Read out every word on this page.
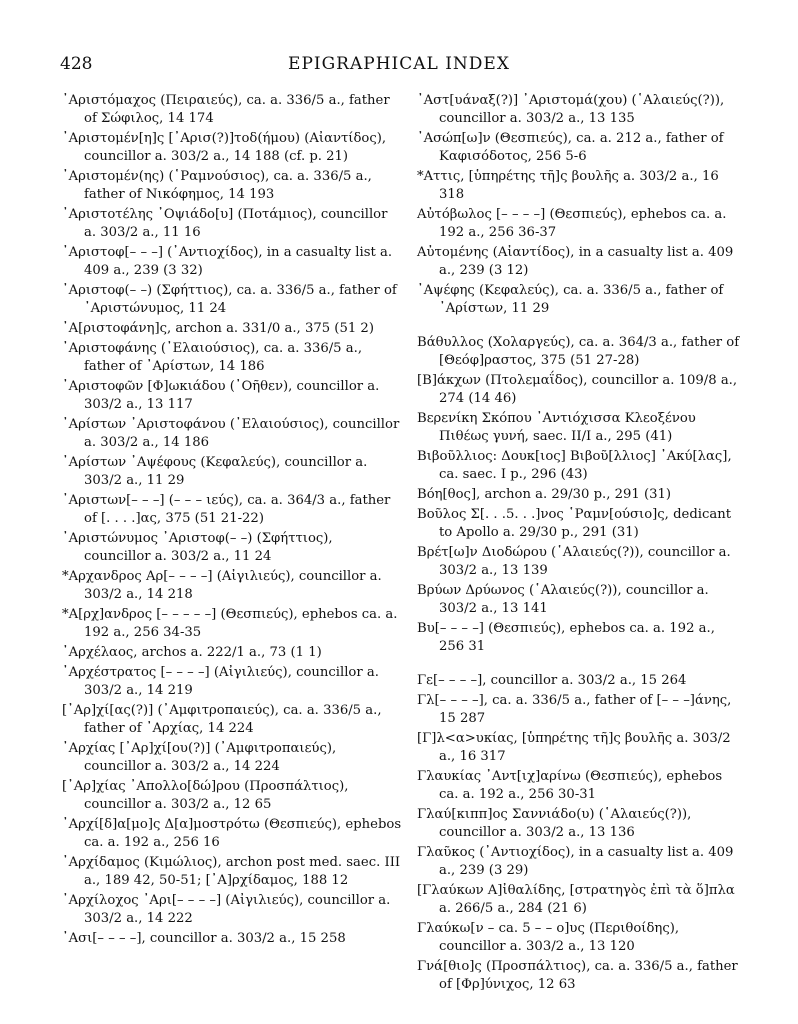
428	EPIGRAPHICAL INDEX
᾽Αριστόμαχος (Πειραιεύς), ca. a. 336/5 a., father of Σώφιλος, 14 174
᾽Αριστομέν[η]ς [᾽Αρισ(?)]τοδ(ήμου) (Αἰαντίδος), councillor a. 303/2 a., 14 188 (cf. p. 21)
᾽Αριστομέν(ης) (῾Ραμνούσιος), ca. a. 336/5 a., father of Νικόφημος, 14 193
᾽Αριστοτέλης ᾽Οψιάδο[υ] (Ποτάμιος), councillor a. 303/2 a., 11 16
᾽Αριστοφ[– – –] (᾽Αντιοχίδος), in a casualty list a. 409 a., 239 (3 32)
᾽Αριστοφ(– –) (Σφήττιος), ca. a. 336/5 a., father of ᾽Αριστώνυμος, 11 24
᾽Α[ριστοφάνη]ς, archon a. 331/0 a., 375 (51 2)
᾽Αριστοφάνης (᾽Ελαιούσιος), ca. a. 336/5 a., father of ᾽Αρίστων, 14 186
᾽Αριστοφῶν [Φ]ωκιάδου (᾽Οῆθεν), councillor a. 303/2 a., 13 117
᾽Αρίστων ᾽Αριστοφάνου (᾽Ελαιούσιος), councillor a. 303/2 a., 14 186
᾽Αρίστων ᾽Αψέφους (Κεφαλεύς), councillor a. 303/2 a., 11 29
᾽Αριστων[– – –] (– – – ιεύς), ca. a. 364/3 a., father of [. . . .]ας, 375 (51 21-22)
᾽Αριστώνυμος ᾽Αριστοφ(– –) (Σφήττιος), councillor a. 303/2 a., 11 24
*Αρχανδρος Αρ[– – – –] (Αἰγιλιεύς), councillor a. 303/2 a., 14 218
*Α[ρχ]ανδρος [– – – – –] (Θεσπιεύς), ephebos ca. a. 192 a., 256 34-35
᾽Αρχέλαος, archos a. 222/1 a., 73 (1 1)
᾽Αρχέστρατος [– – – –] (Αἰγιλιεύς), councillor a. 303/2 a., 14 219
[᾽Αρ]χί[ας(?)] (᾽Αμφιτροπαιεύς), ca. a. 336/5 a., father of ᾽Αρχίας, 14 224
᾽Αρχίας [᾽Αρ]χί[ου(?)] (᾽Αμφιτροπαιεύς), councillor a. 303/2 a., 14 224
[᾽Αρ]χίας ᾽Απολλο[δώ]ρου (Προσπάλτιος), councillor a. 303/2 a., 12 65
᾽Αρχί[δ]α[μο]ς Δ[α]μοστρότω (Θεσπιεύς), ephebos ca. a. 192 a., 256 16
᾽Αρχίδαμος (Κιμώλιος), archon post med. saec. III a., 189 42, 50-51; [᾽Α]ρχίδαμος, 188 12
᾽Αρχίλοχος ᾽Αρι[– – – –] (Αἰγιλιεύς), councillor a. 303/2 a., 14 222
᾽Ασι[– – – –], councillor a. 303/2 a., 15 258
᾽Αστ[υάναξ(?)] ᾽Αριστομά(χου) (῾Αλαιεύς(?)), councillor a. 303/2 a., 13 135
᾽Ασώπ[ω]ν (Θεσπιεύς), ca. a. 212 a., father of Καφισόδοτος, 256 5-6
*Αττις, [ὑπηρέτης τῆ]ς βουλῆς a. 303/2 a., 16 318
Αὐτόβωλος [– – – –] (Θεσπιεύς), ephebos ca. a. 192 a., 256 36-37
Αὐτομένης (Αἰαντίδος), in a casualty list a. 409 a., 239 (3 12)
᾽Αψέφης (Κεφαλεύς), ca. a. 336/5 a., father of ᾽Αρίστων, 11 29
Βάθυλλος (Χολαργεύς), ca. a. 364/3 a., father of [Θεόφ]ραστος, 375 (51 27-28)
[Β]άκχων (Πτολεμαΐδος), councillor a. 109/8 a., 274 (14 46)
Βερενίκη Σκόπου ᾽Αντιόχισσα Κλεοξένου Πιθέως γυνή, saec. II/I a., 295 (41)
Βιβοῦλλιος: Δουκ[ιος] Βιβοῦ[λλιος] ᾽Ακύ[λας], ca. saec. I p., 296 (43)
Βόη[θος], archon a. 29/30 p., 291 (31)
Βοῦλος Σ[. . .5. . .]νος ῾Ραμν[ούσιο]ς, dedicant to Apollo a. 29/30 p., 291 (31)
Βρέτ[ω]ν Διοδώρου (῾Αλαιεύς(?)), councillor a. 303/2 a., 13 139
Βρύων Δρύωνος (῾Αλαιεύς(?)), councillor a. 303/2 a., 13 141
Βυ[– – – –] (Θεσπιεύς), ephebos ca. a. 192 a., 256 31
Γε[– – – –], councillor a. 303/2 a., 15 264
Γλ[– – – –], ca. a. 336/5 a., father of [– – –]άνης, 15 287
[Γ]λ<α>υκίας, [ὑπηρέτης τῆ]ς βουλῆς a. 303/2 a., 16 317
Γλαυκίας ᾽Αντ[ιχ]αρίνω (Θεσπιεύς), ephebos ca. a. 192 a., 256 30-31
Γλαύ[κιππ]ος Σαννιάδο(υ) (῾Αλαιεύς(?)), councillor a. 303/2 a., 13 136
Γλαῦκος (᾽Αντιοχίδος), in a casualty list a. 409 a., 239 (3 29)
[Γλαύκων Α]ἰθαλίδης, [στρατηγὸς ἐπὶ τὰ ὅ]πλα a. 266/5 a., 284 (21 6)
Γλαύκω[ν – ca. 5 – – ο]υς (Περιθοίδης), councillor a. 303/2 a., 13 120
Γνά[θιο]ς (Προσπάλτιος), ca. a. 336/5 a., father of [Φρ]ύνιχος, 12 63
